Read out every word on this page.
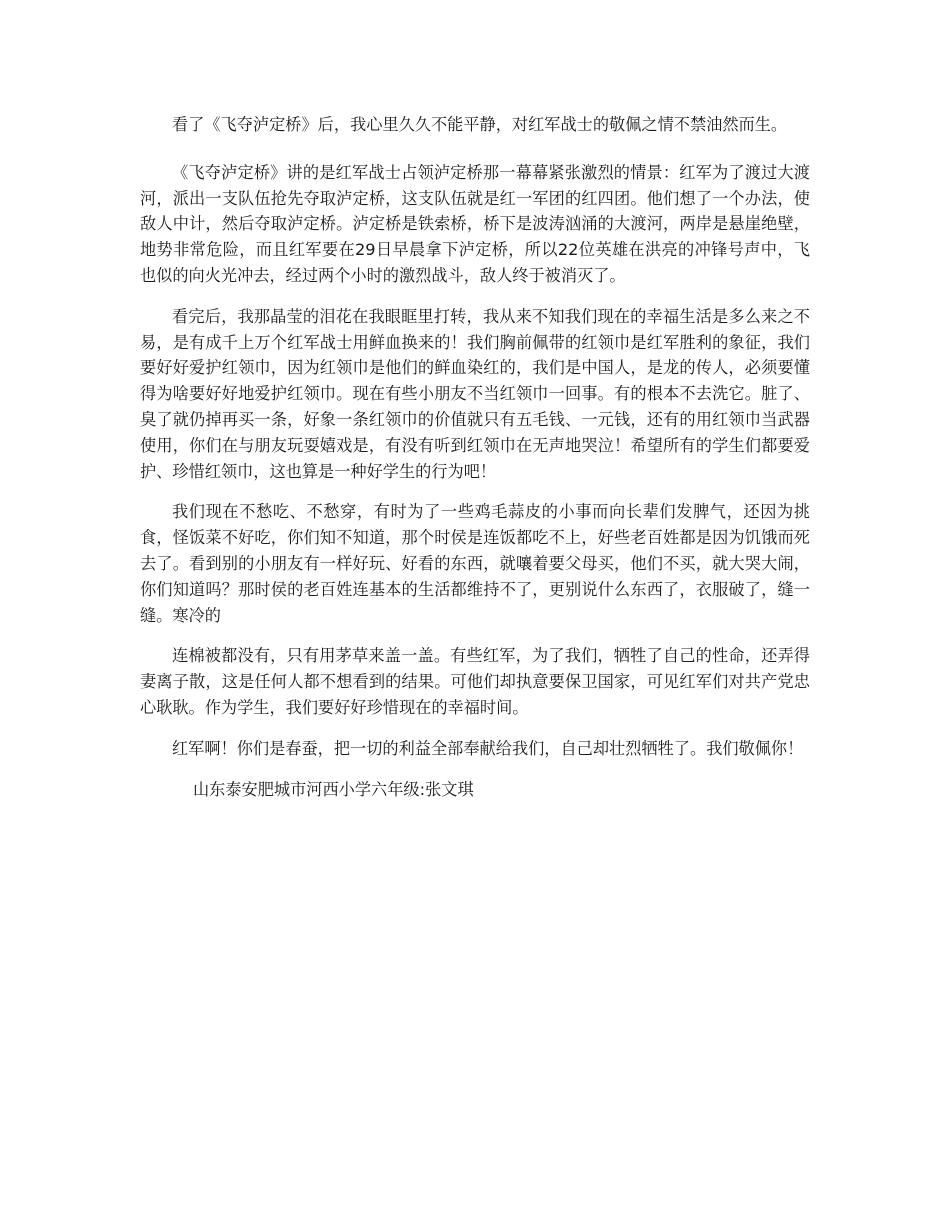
看了《飞夺泸定桥》后，我心里久久不能平静，对红军战士的敬佩之情不禁油然而生。

《飞夺泸定桥》讲的是红军战士占领泸定桥那一幕幕紧张激烈的情景：红军为了渡过大渡河，派出一支队伍抢先夺取泸定桥，这支队伍就是红一军团的红四团。他们想了一个办法，使敌人中计，然后夺取泸定桥。泸定桥是铁索桥，桥下是波涛汹涌的大渡河，两岸是悬崖绝壁，地势非常危险，而且红军要在29日早晨拿下泸定桥，所以22位英雄在洪亮的冲锋号声中，飞也似的向火光冲去，经过两个小时的激烈战斗，敌人终于被消灭了。

看完后，我那晶莹的泪花在我眼眶里打转，我从来不知我们现在的幸福生活是多么来之不易，是有成千上万个红军战士用鲜血换来的！我们胸前佩带的红领巾是红军胜利的象征，我们要好好爱护红领巾，因为红领巾是他们的鲜血染红的，我们是中国人，是龙的传人，必须要懂得为啥要好好地爱护红领巾。现在有些小朋友不当红领巾一回事。有的根本不去洗它。脏了、臭了就仍掉再买一条，好象一条红领巾的价值就只有五毛钱、一元钱，还有的用红领巾当武器使用，你们在与朋友玩耍嬉戏是，有没有听到红领巾在无声地哭泣！希望所有的学生们都要爱护、珍惜红领巾，这也算是一种好学生的行为吧！

我们现在不愁吃、不愁穿，有时为了一些鸡毛蒜皮的小事而向长辈们发脾气，还因为挑食，怪饭菜不好吃，你们知不知道，那个时侯是连饭都吃不上，好些老百姓都是因为饥饿而死去了。看到别的小朋友有一样好玩、好看的东西，就嚷着要父母买，他们不买，就大哭大闹，你们知道吗？那时侯的老百姓连基本的生活都维持不了，更别说什么东西了，衣服破了，缝一缝。寒冷的

连棉被都没有，只有用茅草来盖一盖。有些红军，为了我们，牺牲了自己的性命，还弄得妻离子散，这是任何人都不想看到的结果。可他们却执意要保卫国家，可见红军们对共产党忠心耿耿。作为学生，我们要好好珍惜现在的幸福时间。

红军啊！你们是春蚕，把一切的利益全部奉献给我们，自己却壮烈牺牲了。我们敬佩你！

山东泰安肥城市河西小学六年级:张文琪
